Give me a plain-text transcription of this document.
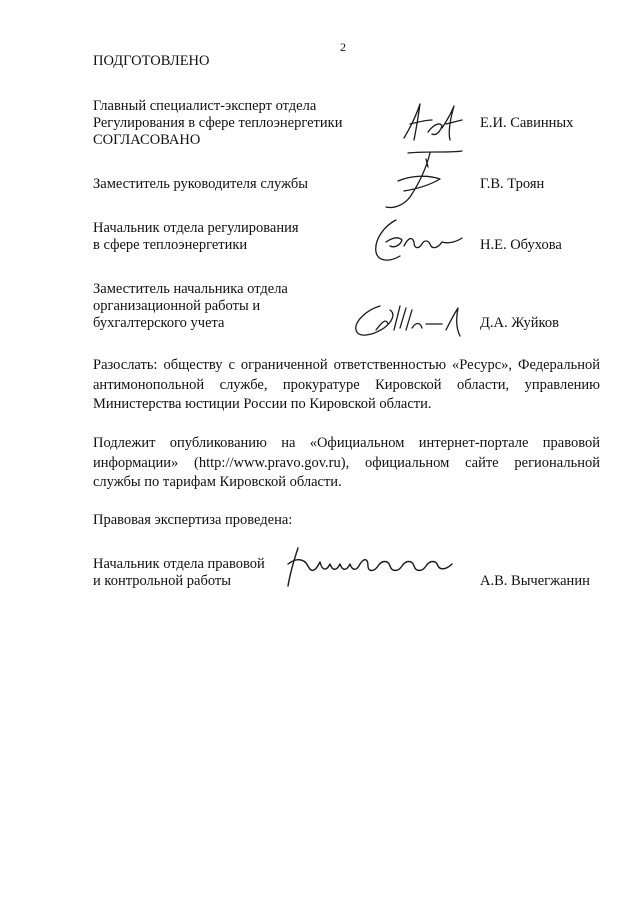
2
ПОДГОТОВЛЕНО
Главный специалист-эксперт отдела
Регулирования в сфере теплоэнергетики	Е.И. Савинных
СОГЛАСОВАНО
Заместитель руководителя службы	Г.В. Троян
Начальник отдела регулирования
в сфере теплоэнергетики	Н.Е. Обухова
Заместитель начальника отдела
организационной работы и
бухгалтерского учета	Д.А. Жуйков
Разослать: обществу с ограниченной ответственностью «Ресурс», Федеральной антимонопольной службе, прокуратуре Кировской области, управлению Министерства юстиции России по Кировской области.
Подлежит опубликованию на «Официальном интернет-портале правовой информации» (http://www.pravo.gov.ru), официальном сайте региональной службы по тарифам Кировской области.
Правовая экспертиза проведена:
Начальник отдела правовой
и контрольной работы	А.В. Вычегжанин
